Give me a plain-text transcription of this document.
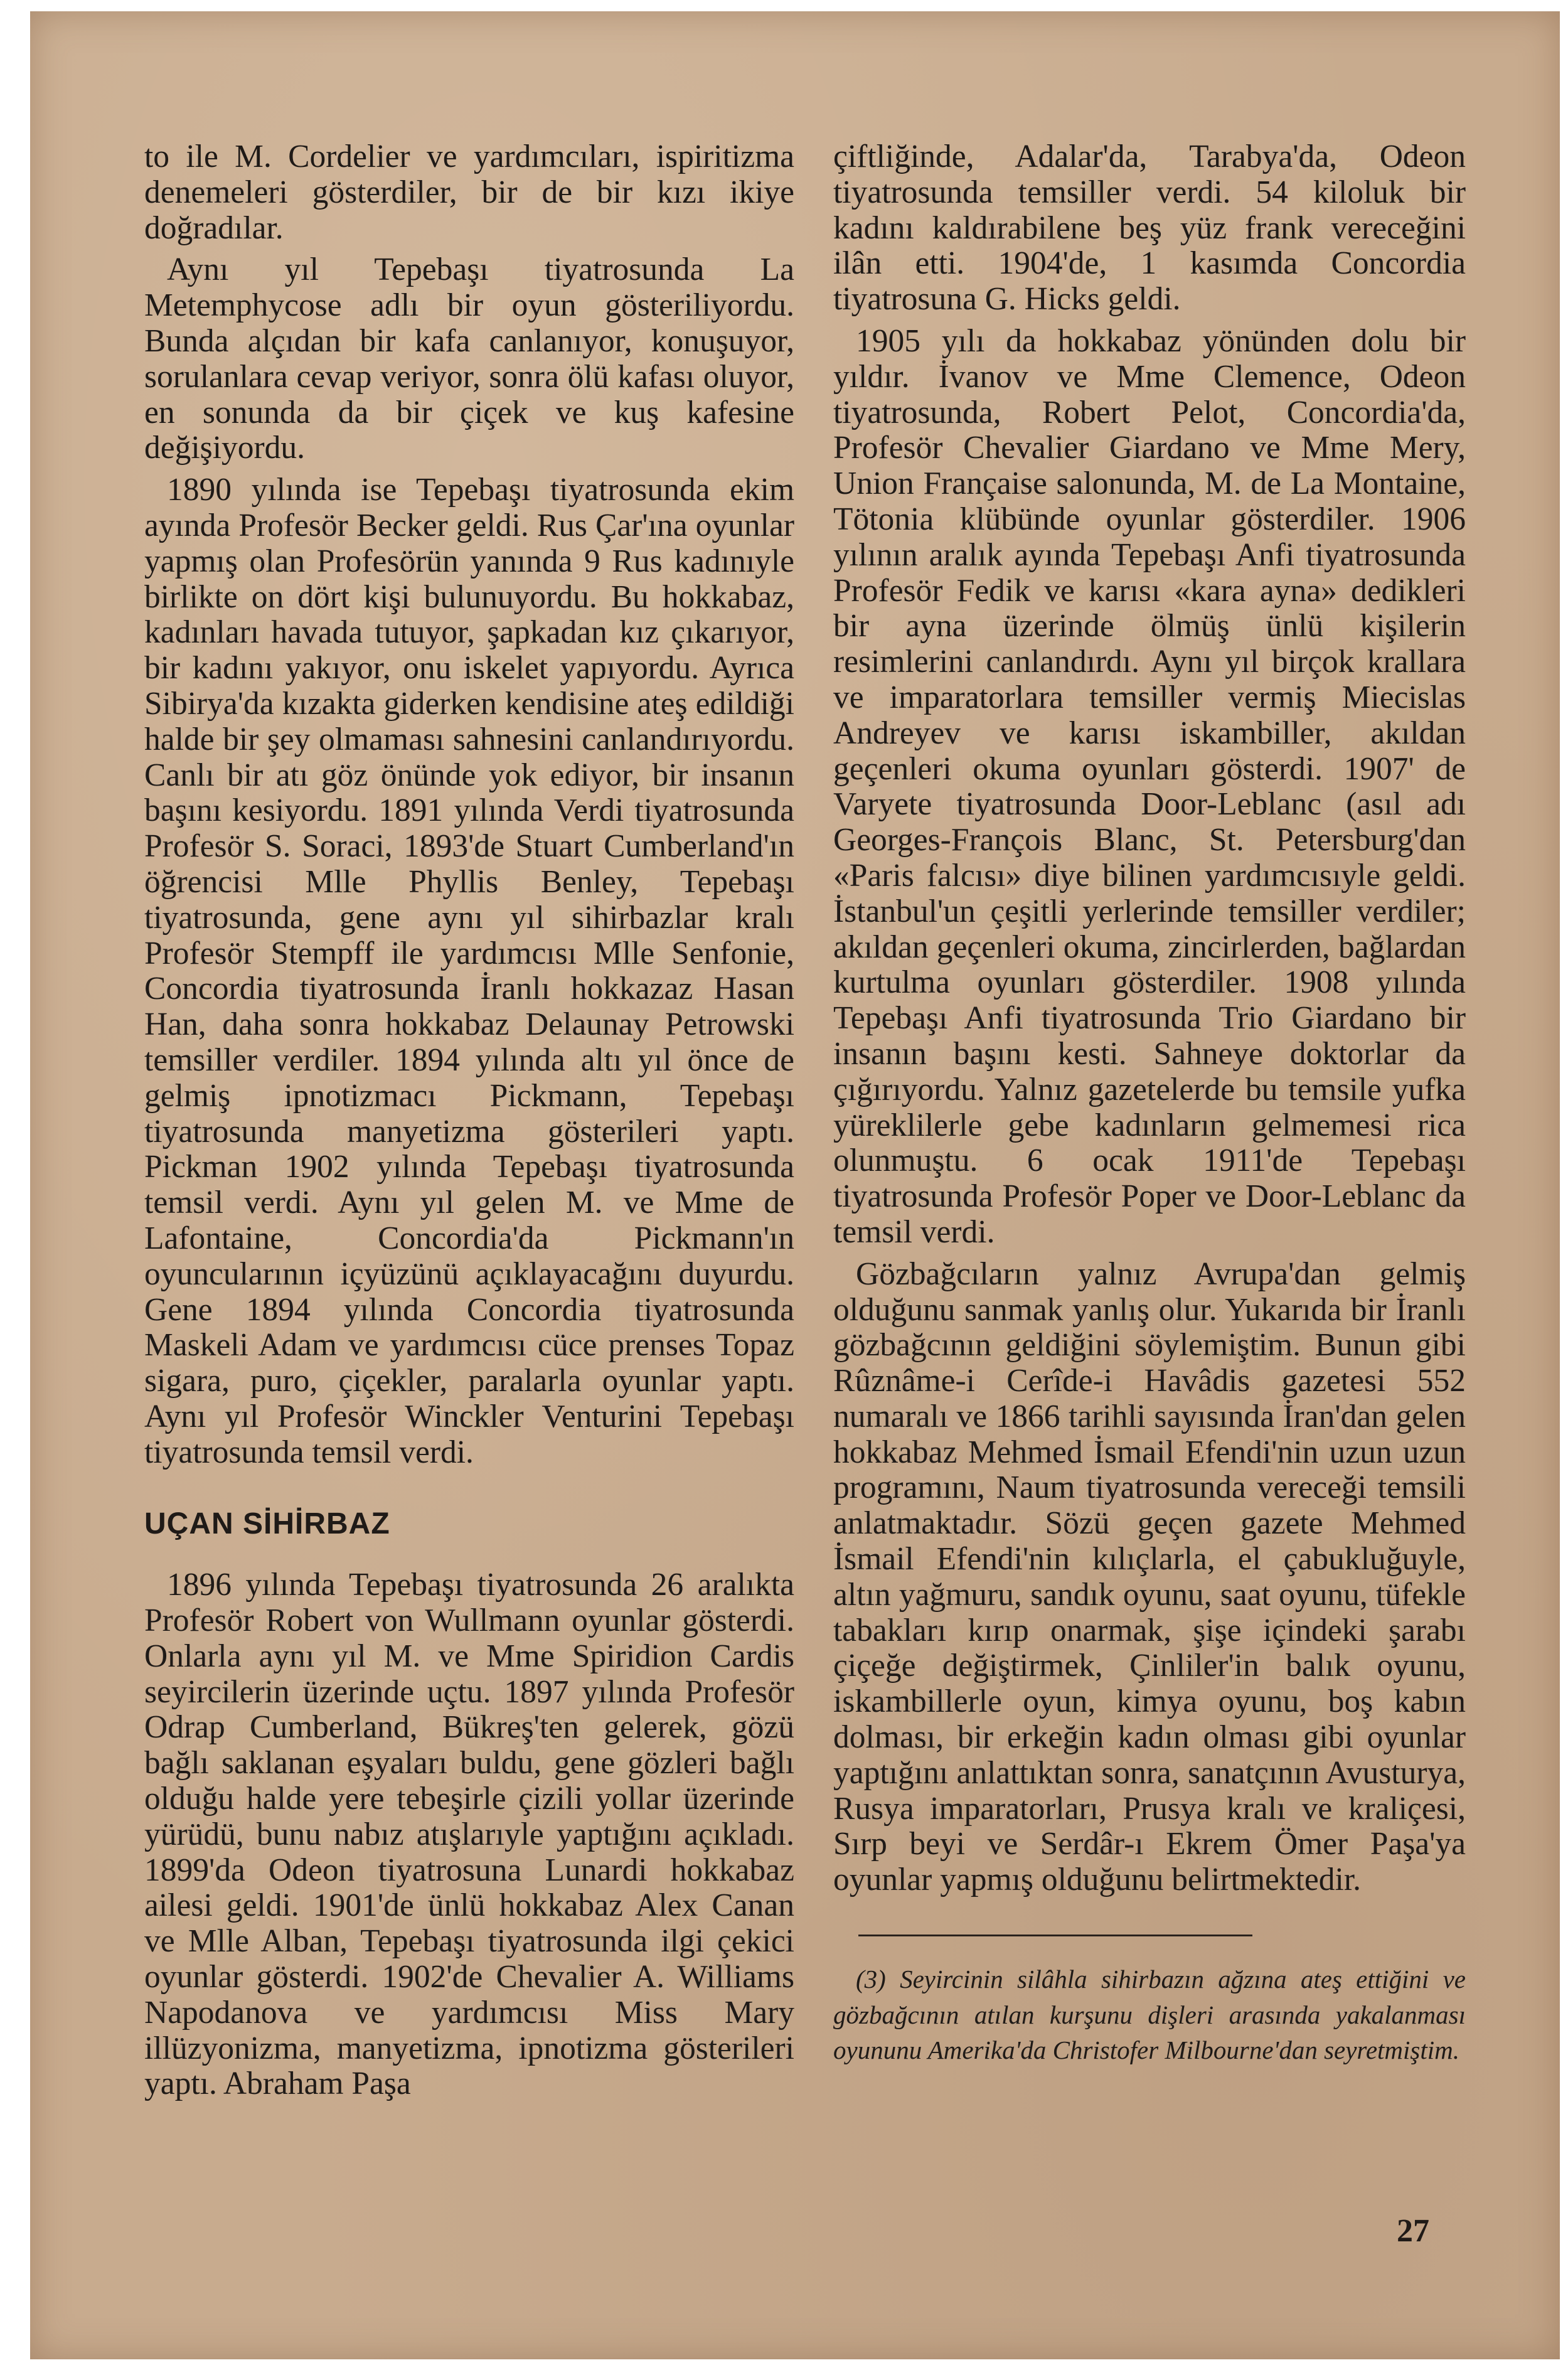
to ile M. Cordelier ve yardımcıları, ispiritizma denemeleri gösterdiler, bir de bir kızı ikiye doğradılar.

Aynı yıl Tepebaşı tiyatrosunda La Metemphycose adlı bir oyun gösteriliyordu. Bunda alçıdan bir kafa canlanıyor, konuşuyor, sorulanlara cevap veriyor, sonra ölü kafası oluyor, en sonunda da bir çiçek ve kuş kafesine değişiyordu.

1890 yılında ise Tepebaşı tiyatrosunda ekim ayında Profesör Becker geldi. Rus Çar'ına oyunlar yapmış olan Profesörün yanında 9 Rus kadınıyle birlikte on dört kişi bulunuyordu. Bu hokkabaz, kadınları havada tutuyor, şapkadan kız çıkarıyor, bir kadını yakıyor, onu iskelet yapıyordu. Ayrıca Sibirya'da kızakta giderken kendisine ateş edildiği halde bir şey olmaması sahnesini canlandırıyordu. Canlı bir atı göz önünde yok ediyor, bir insanın başını kesiyordu. 1891 yılında Verdi tiyatrosunda Profesör S. Soraci, 1893'de Stuart Cumberland'ın öğrencisi Mlle Phyllis Benley, Tepebaşı tiyatrosunda, gene aynı yıl sihirbazlar kralı Profesör Stempff ile yardımcısı Mlle Senfonie, Concordia tiyatrosunda İranlı hokkazaz Hasan Han, daha sonra hokkabaz Delaunay Petrowski temsiller verdiler. 1894 yılında altı yıl önce de gelmiş ipnotizmacı Pickmann, Tepebaşı tiyatrosunda manyetizma gösterileri yaptı. Pickman 1902 yılında Tepebaşı tiyatrosunda temsil verdi. Aynı yıl gelen M. ve Mme de Lafontaine, Concordia'da Pickmann'ın oyuncularının içyüzünü açıklayacağını duyurdu. Gene 1894 yılında Concordia tiyatrosunda Maskeli Adam ve yardımcısı cüce prenses Topaz sigara, puro, çiçekler, paralarla oyunlar yaptı. Aynı yıl Profesör Winckler Venturini Tepebaşı tiyatrosunda temsil verdi.

UÇAN SİHİRBAZ

1896 yılında Tepebaşı tiyatrosunda 26 aralıkta Profesör Robert von Wullmann oyunlar gösterdi. Onlarla aynı yıl M. ve Mme Spiridion Cardis seyircilerin üzerinde uçtu. 1897 yılında Profesör Odrap Cumberland, Bükreş'ten gelerek, gözü bağlı saklanan eşyaları buldu, gene gözleri bağlı olduğu halde yere tebeşirle çizili yollar üzerinde yürüdü, bunu nabız atışlarıyle yaptığını açıkladı. 1899'da Odeon tiyatrosuna Lunardi hokkabaz ailesi geldi. 1901'de ünlü hokkabaz Alex Canan ve Mlle Alban, Tepebaşı tiyatrosunda ilgi çekici oyunlar gösterdi. 1902'de Chevalier A. Williams Napodanova ve yardımcısı Miss Mary illüzyonizma, manyetizma, ipnotizma gösterileri yaptı. Abraham Paşa

çiftliğinde, Adalar'da, Tarabya'da, Odeon tiyatrosunda temsiller verdi. 54 kiloluk bir kadını kaldırabilene beş yüz frank vereceğini ilân etti. 1904'de, 1 kasımda Concordia tiyatrosuna G. Hicks geldi.

1905 yılı da hokkabaz yönünden dolu bir yıldır. İvanov ve Mme Clemence, Odeon tiyatrosunda, Robert Pelot, Concordia'da, Profesör Chevalier Giardano ve Mme Mery, Union Française salonunda, M. de La Montaine, Tötonia klübünde oyunlar gösterdiler. 1906 yılının aralık ayında Tepebaşı Anfi tiyatrosunda Profesör Fedik ve karısı «kara ayna» dedikleri bir ayna üzerinde ölmüş ünlü kişilerin resimlerini canlandırdı. Aynı yıl birçok krallara ve imparatorlara temsiller vermiş Miecislas Andreyev ve karısı iskambiller, akıldan geçenleri okuma oyunları gösterdi. 1907' de Varyete tiyatrosunda Door-Leblanc (asıl adı Georges-François Blanc, St. Petersburg'dan «Paris falcısı» diye bilinen yardımcısıyle geldi. İstanbul'un çeşitli yerlerinde temsiller verdiler; akıldan geçenleri okuma, zincirlerden, bağlardan kurtulma oyunları gösterdiler. 1908 yılında Tepebaşı Anfi tiyatrosunda Trio Giardano bir insanın başını kesti. Sahneye doktorlar da çığırıyordu. Yalnız gazetelerde bu temsile yufka yüreklilerle gebe kadınların gelmemesi rica olunmuştu. 6 ocak 1911'de Tepebaşı tiyatrosunda Profesör Poper ve Door-Leblanc da temsil verdi.

Gözbağcıların yalnız Avrupa'dan gelmiş olduğunu sanmak yanlış olur. Yukarıda bir İranlı gözbağcının geldiğini söylemiştim. Bunun gibi Rûznâme-i Cerîde-i Havâdis gazetesi 552 numaralı ve 1866 tarihli sayısında İran'dan gelen hokkabaz Mehmed İsmail Efendi'nin uzun uzun programını, Naum tiyatrosunda vereceği temsili anlatmaktadır. Sözü geçen gazete Mehmed İsmail Efendi'nin kılıçlarla, el çabukluğuyle, altın yağmuru, sandık oyunu, saat oyunu, tüfekle tabakları kırıp onarmak, şişe içindeki şarabı çiçeğe değiştirmek, Çinliler'in balık oyunu, iskambillerle oyun, kimya oyunu, boş kabın dolması, bir erkeğin kadın olması gibi oyunlar yaptığını anlattıktan sonra, sanatçının Avusturya, Rusya imparatorları, Prusya kralı ve kraliçesi, Sırp beyi ve Serdâr-ı Ekrem Ömer Paşa'ya oyunlar yapmış olduğunu belirtmektedir.

(3) Seyircinin silâhla sihirbazın ağzına ateş ettiğini ve gözbağcının atılan kurşunu dişleri arasında yakalanması oyununu Amerika'da Christofer Milbourne'dan seyretmiştim.

27
